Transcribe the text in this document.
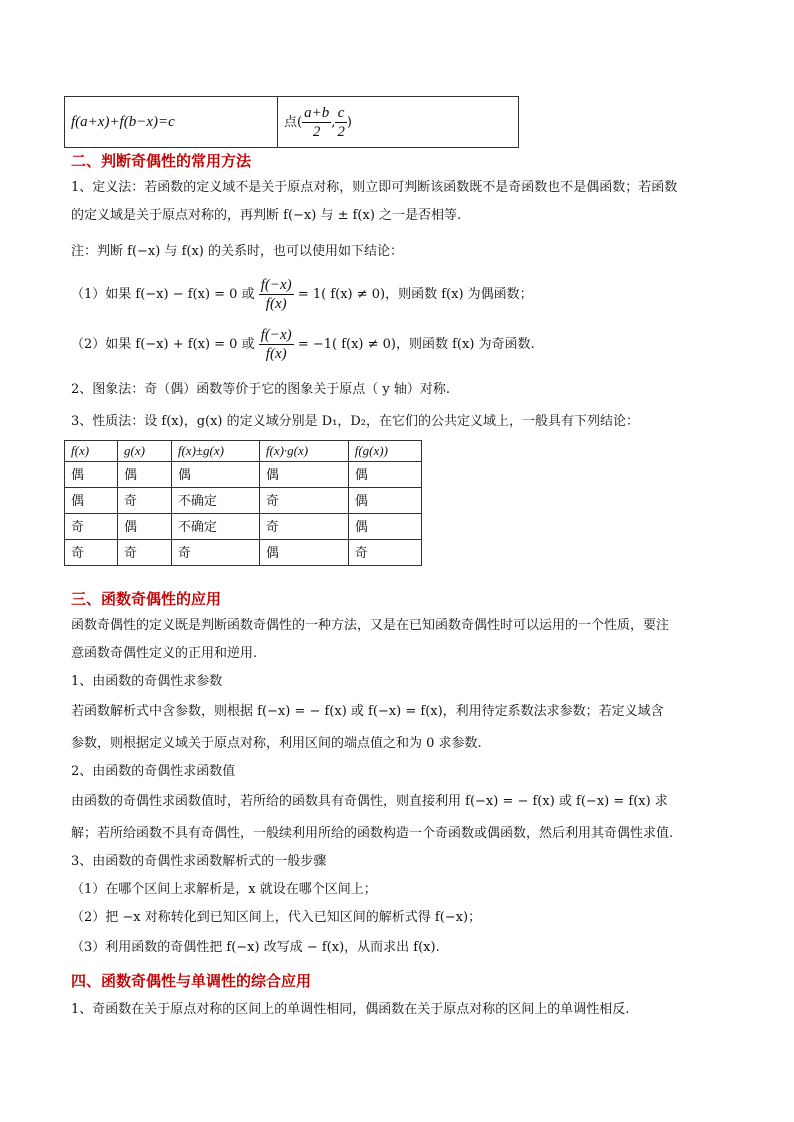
f(a+x)+f(b−x)=c	点( $\frac{a+b}{2}$ , $\frac{c}{2}$ )
二、判断奇偶性的常用方法
1、定义法：若函数的定义域不是关于原点对称，则立即可判断该函数既不是奇函数也不是偶函数；若函数
的定义域是关于原点对称的，再判断 f(−x) 与 ± f(x) 之一是否相等.
注：判断 f(−x) 与 f(x) 的关系时，也可以使用如下结论：
（1）如果 f(−x) − f(x) = 0 或 $\frac{f(-x)}{f(x)} = 1$( f(x) ≠ 0)，则函数 f(x) 为偶函数；
（2）如果 f(−x) + f(x) = 0 或 $\frac{f(-x)}{f(x)} = -1$( f(x) ≠ 0)，则函数 f(x) 为奇函数.
2、图象法：奇（偶）函数等价于它的图象关于原点（ y 轴）对称.
3、性质法：设 f(x)，g(x) 的定义域分别是 D₁，D₂，在它们的公共定义域上，一般具有下列结论：
f(x)	g(x)	f(x)±g(x)	f(x)·g(x)	f(g(x))
偶	偶	偶	偶	偶
偶	奇	不确定	奇	偶
奇	偶	不确定	奇	偶
奇	奇	奇	偶	奇
三、函数奇偶性的应用
函数奇偶性的定义既是判断函数奇偶性的一种方法，又是在已知函数奇偶性时可以运用的一个性质，要注
意函数奇偶性定义的正用和逆用.
1、由函数的奇偶性求参数
若函数解析式中含参数，则根据 f(−x) = − f(x) 或 f(−x) = f(x)，利用待定系数法求参数；若定义域含
参数，则根据定义域关于原点对称，利用区间的端点值之和为 0 求参数.
2、由函数的奇偶性求函数值
由函数的奇偶性求函数值时，若所给的函数具有奇偶性，则直接利用 f(−x) = − f(x) 或 f(−x) = f(x) 求
解；若所给函数不具有奇偶性，一般续利用所给的函数构造一个奇函数或偶函数，然后利用其奇偶性求值.
3、由函数的奇偶性求函数解析式的一般步骤
（1）在哪个区间上求解析是，x 就设在哪个区间上；
（2）把 −x 对称转化到已知区间上，代入已知区间的解析式得 f(−x)；
（3）利用函数的奇偶性把 f(−x) 改写成 − f(x)，从而求出 f(x).
四、函数奇偶性与单调性的综合应用
1、奇函数在关于原点对称的区间上的单调性相同，偶函数在关于原点对称的区间上的单调性相反.
